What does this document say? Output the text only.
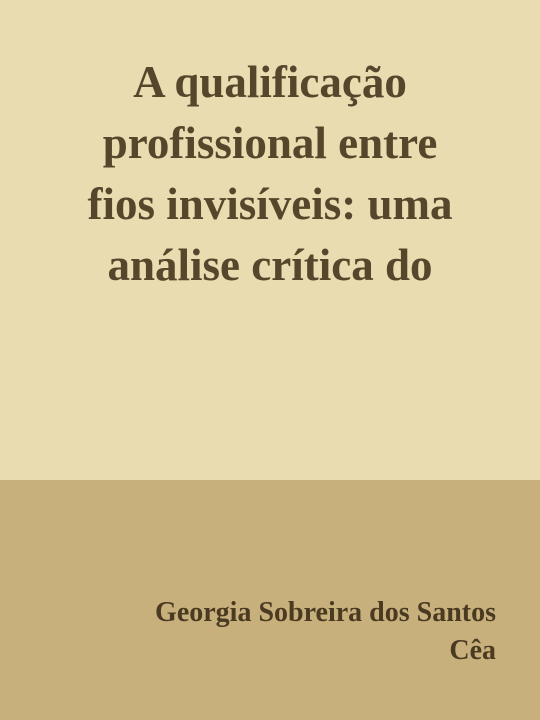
A qualificação
profissional entre
fios invisíveis: uma
análise crítica do
Georgia Sobreira dos Santos
Cêa
